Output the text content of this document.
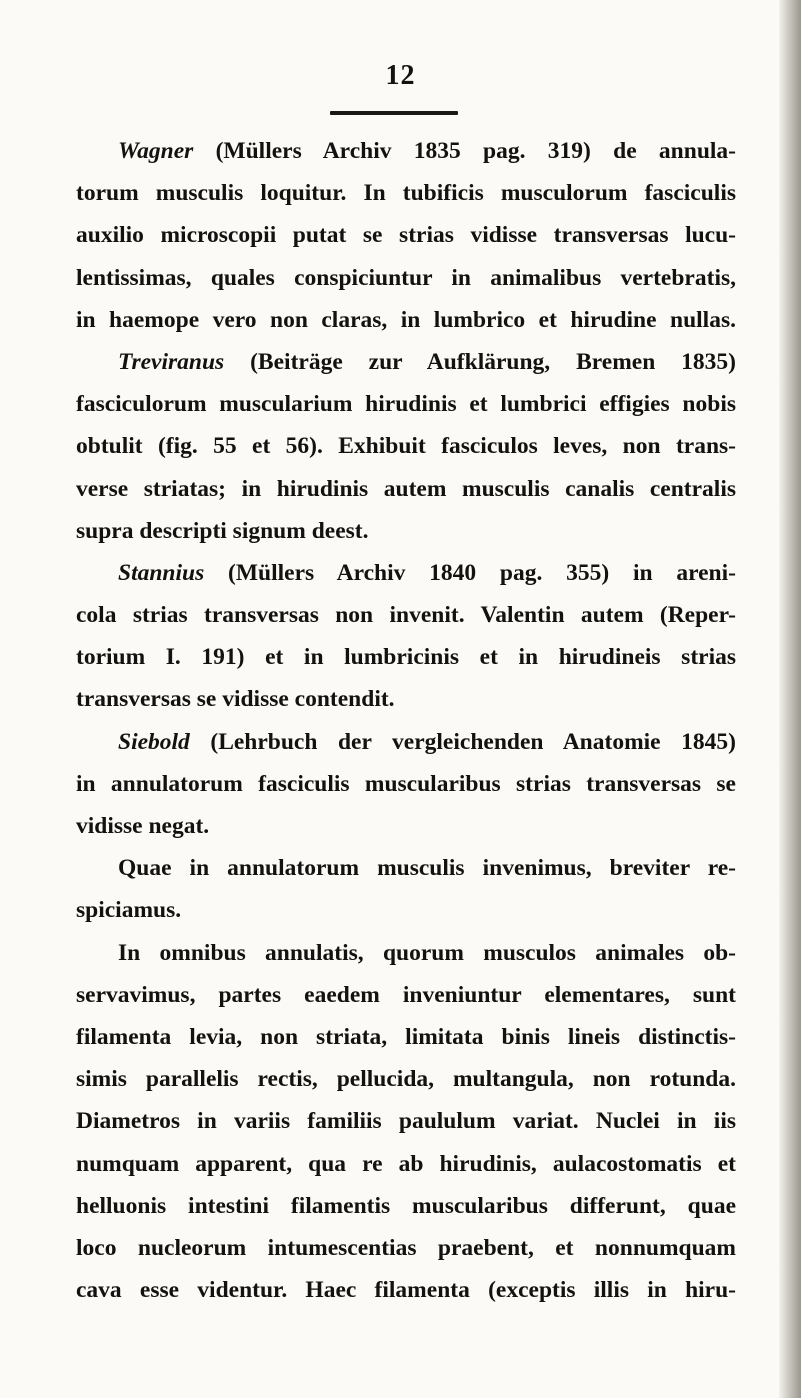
12
Wagner (Müllers Archiv 1835 pag. 319) de annula-
torum musculis loquitur. In tubificis musculorum fasciculis
auxilio microscopii putat se strias vidisse transversas lucu-
lentissimas, quales conspiciuntur in animalibus vertebratis,
in haemope vero non claras, in lumbrico et hirudine nullas.
Treviranus (Beiträge zur Aufklärung, Bremen 1835)
fasciculorum muscularium hirudinis et lumbrici effigies nobis
obtulit (fig. 55 et 56). Exhibuit fasciculos leves, non trans-
verse striatas; in hirudinis autem musculis canalis centralis
supra descripti signum deest.
Stannius (Müllers Archiv 1840 pag. 355) in areni-
cola strias transversas non invenit. Valentin autem (Reper-
torium I. 191) et in lumbricinis et in hirudineis strias
transversas se vidisse contendit.
Siebold (Lehrbuch der vergleichenden Anatomie 1845)
in annulatorum fasciculis muscularibus strias transversas se
vidisse negat.
Quae in annulatorum musculis invenimus, breviter re-
spiciamus.
In omnibus annulatis, quorum musculos animales ob-
servavimus, partes eaedem inveniuntur elementares, sunt
filamenta levia, non striata, limitata binis lineis distinctis-
simis parallelis rectis, pellucida, multangula, non rotunda.
Diametros in variis familiis paululum variat. Nuclei in iis
numquam apparent, qua re ab hirudinis, aulacostomatis et
helluonis intestini filamentis muscularibus differunt, quae
loco nucleorum intumescentias praebent, et nonnumquam
cava esse videntur. Haec filamenta (exceptis illis in hiru-
